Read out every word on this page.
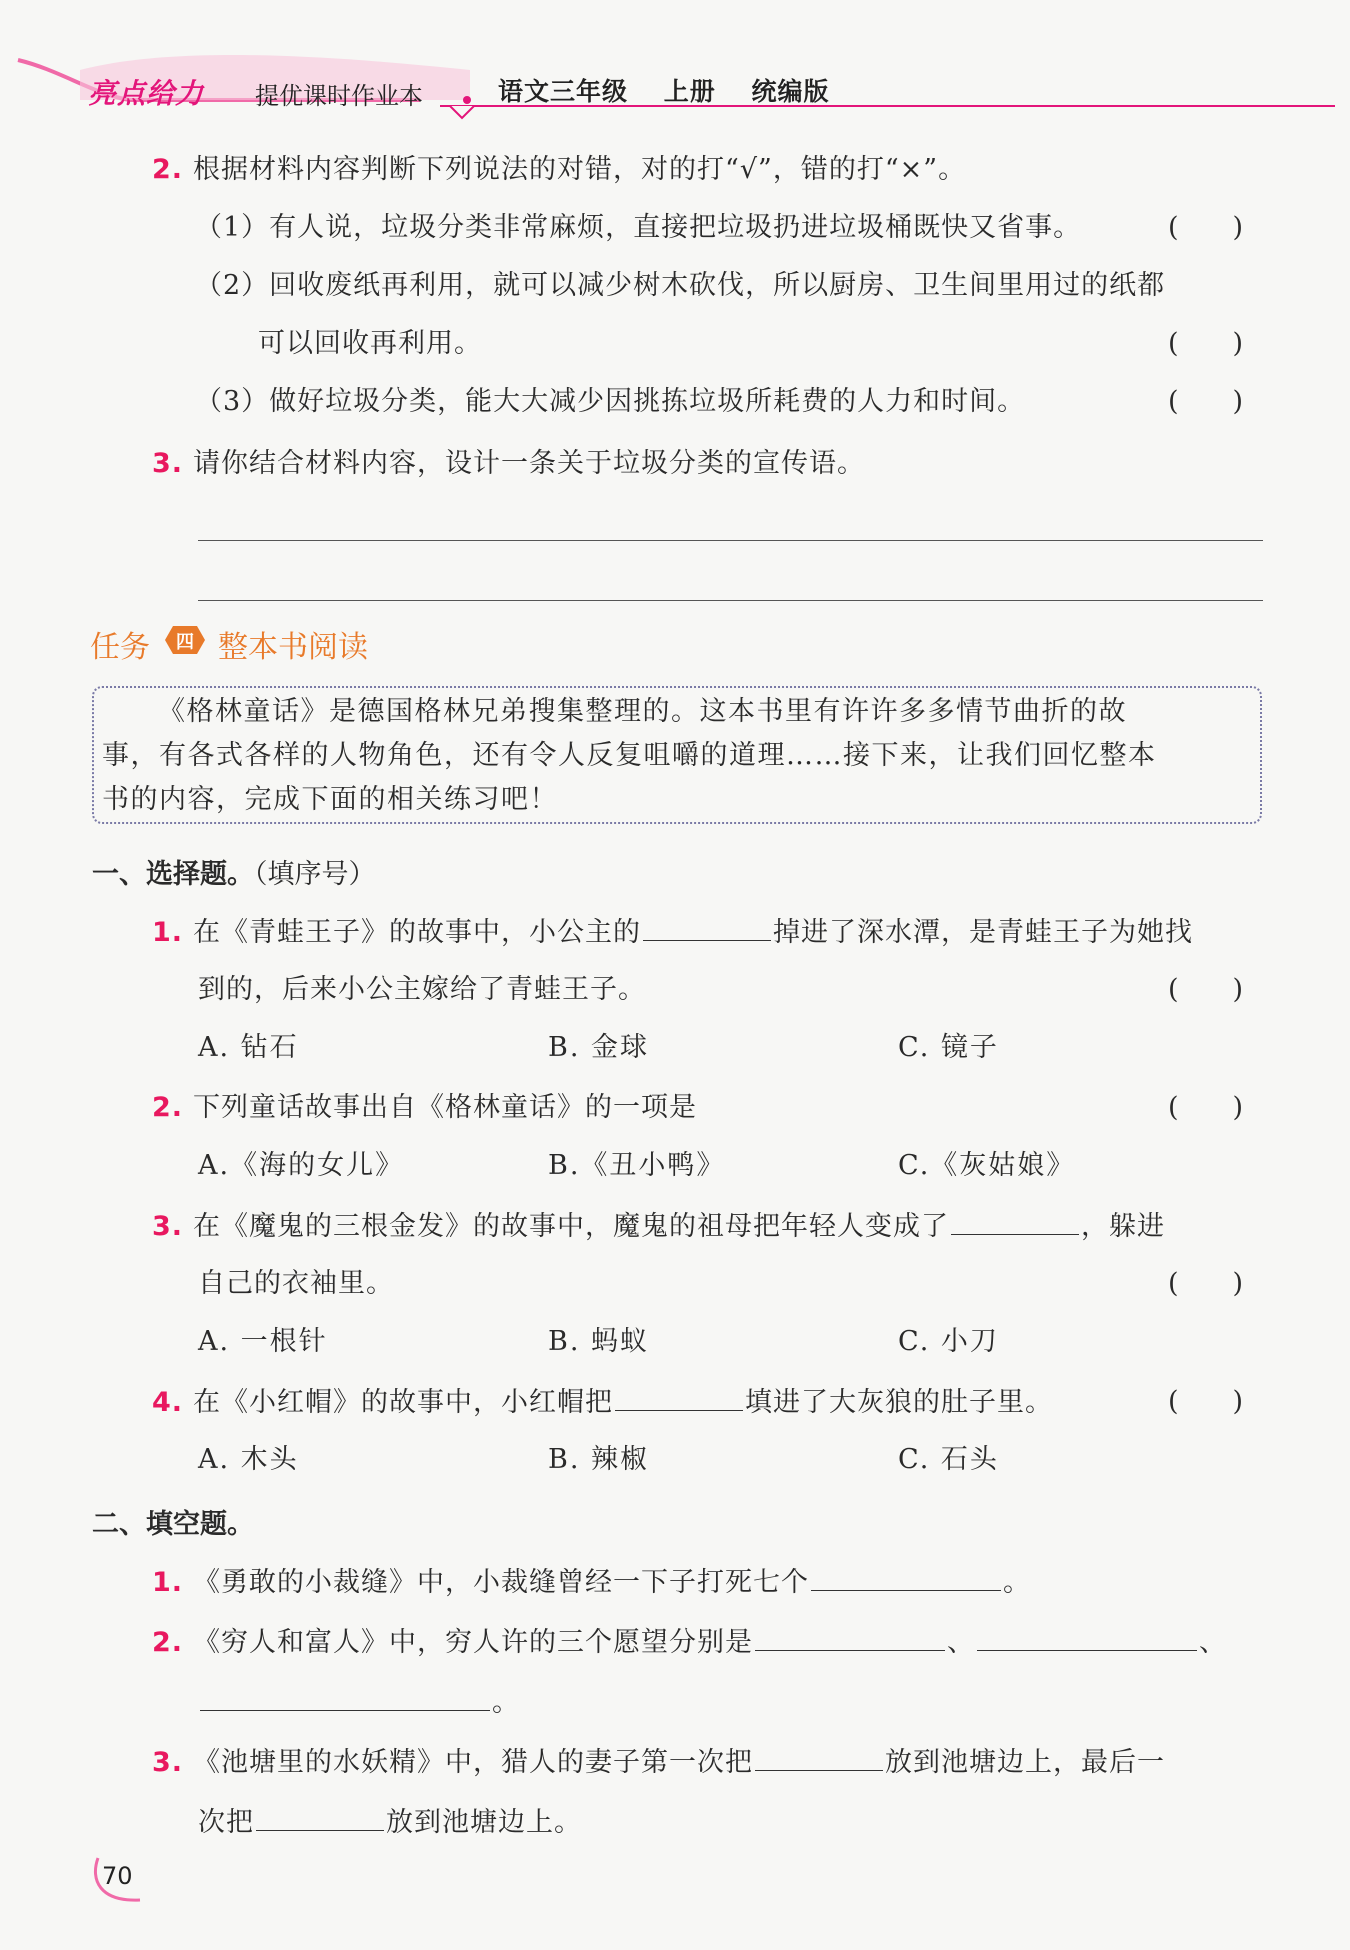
亮点给力 提优课时作业本	语文三年级　 上册　 统编版
2. 根据材料内容判断下列说法的对错，对的打“√”，错的打“×”。
（1）有人说，垃圾分类非常麻烦，直接把垃圾扔进垃圾桶既快又省事。	(　　)
（2）回收废纸再利用，就可以减少树木砍伐，所以厨房、卫生间里用过的纸都
可以回收再利用。	(　　)
（3）做好垃圾分类，能大大减少因挑拣垃圾所耗费的人力和时间。	(　　)
3. 请你结合材料内容，设计一条关于垃圾分类的宣传语。
任务 四 整本书阅读
《格林童话》是德国格林兄弟搜集整理的。这本书里有许许多多情节曲折的故
事，有各式各样的人物角色，还有令人反复咀嚼的道理……接下来，让我们回忆整本
书的内容，完成下面的相关练习吧！
一、选择题。（填序号）
1. 在《青蛙王子》的故事中，小公主的	掉进了深水潭，是青蛙王子为她找
到的，后来小公主嫁给了青蛙王子。	(　　)
A. 钻石	B. 金球	C. 镜子
2. 下列童话故事出自《格林童话》的一项是	(　　)
A.《海的女儿》	B.《丑小鸭》	C.《灰姑娘》
3. 在《魔鬼的三根金发》的故事中，魔鬼的祖母把年轻人变成了	，躲进
自己的衣袖里。	(　　)
A. 一根针	B. 蚂蚁	C. 小刀
4. 在《小红帽》的故事中，小红帽把	填进了大灰狼的肚子里。	(　　)
A. 木头	B. 辣椒	C. 石头
二、填空题。
1. 《勇敢的小裁缝》中，小裁缝曾经一下子打死七个	。
2. 《穷人和富人》中，穷人许的三个愿望分别是	、	、
。
3. 《池塘里的水妖精》中，猎人的妻子第一次把	放到池塘边上，最后一
次把	放到池塘边上。
70
